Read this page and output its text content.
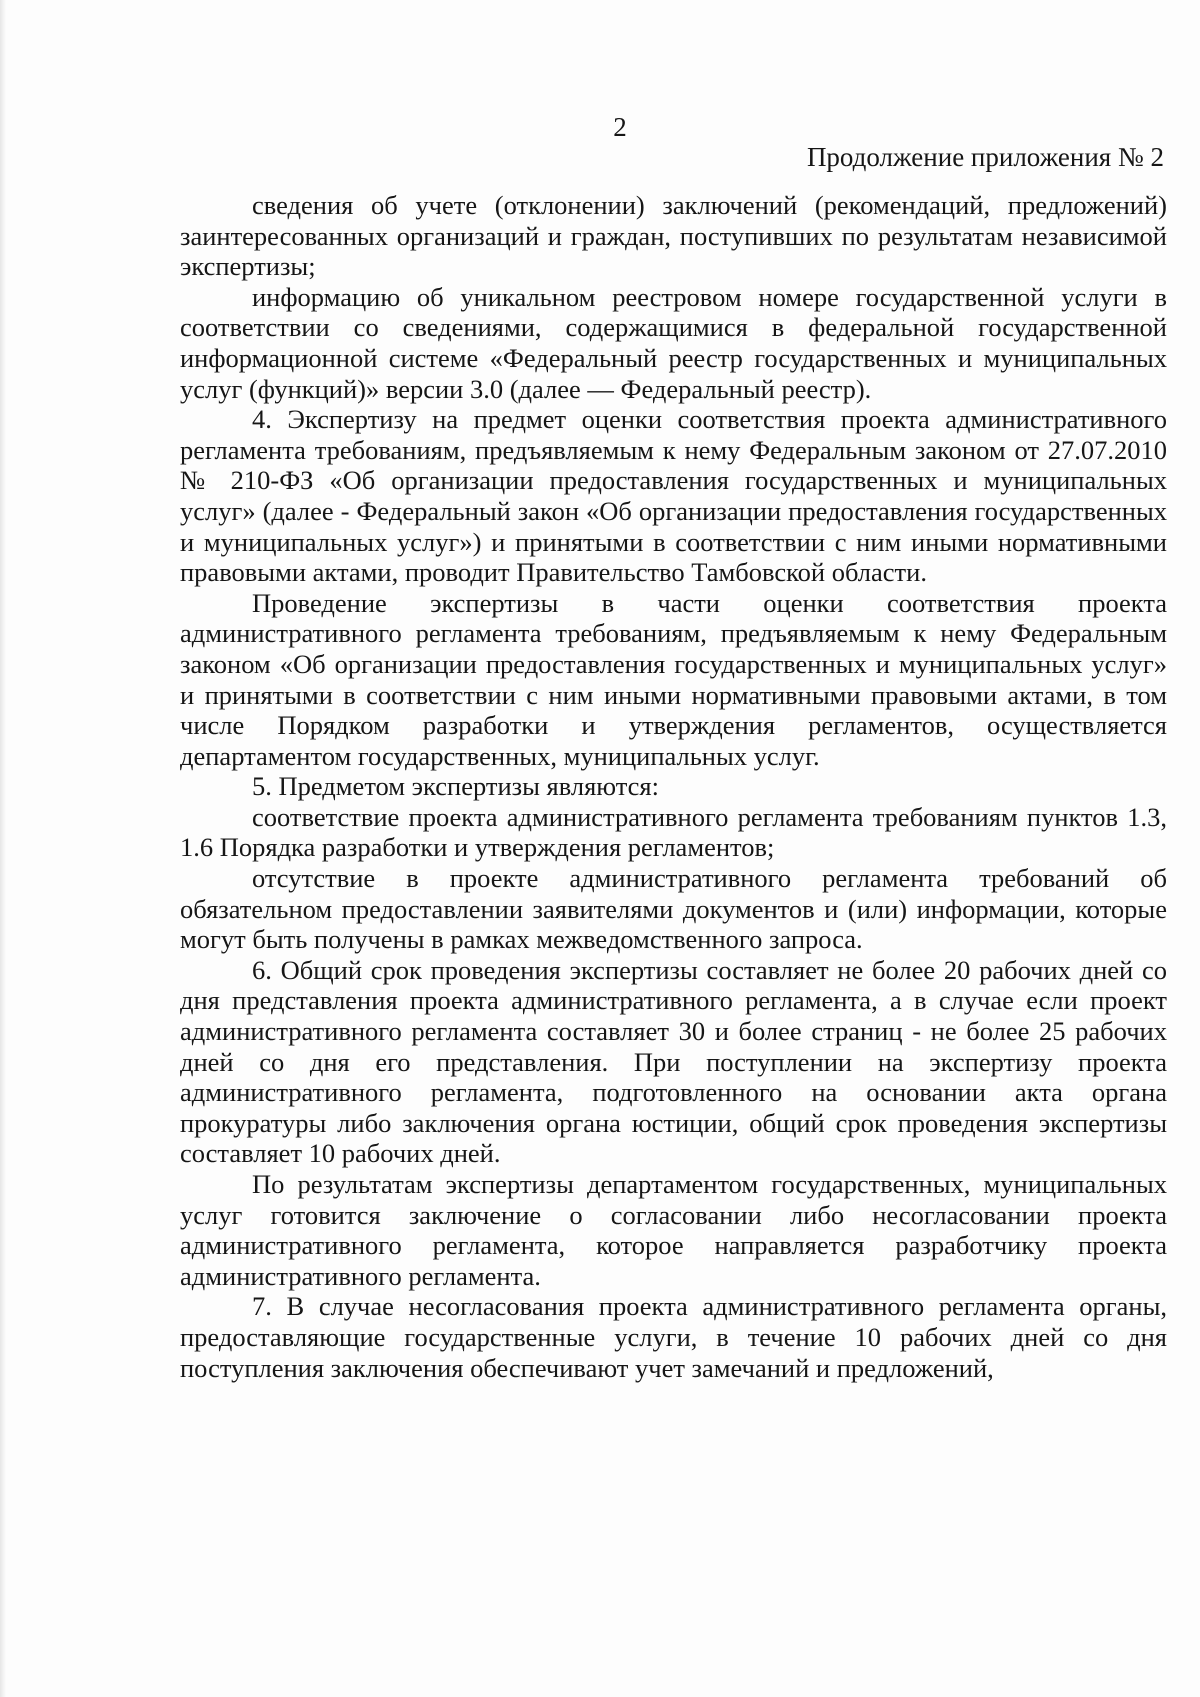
2
Продолжение приложения № 2

сведения об учете (отклонении) заключений (рекомендаций, предложений) заинтересованных организаций и граждан, поступивших по результатам независимой экспертизы;

информацию об уникальном реестровом номере государственной услуги в соответствии со сведениями, содержащимися в федеральной государственной информационной системе «Федеральный реестр государственных и муниципальных услуг (функций)» версии 3.0 (далее — Федеральный реестр).

4. Экспертизу на предмет оценки соответствия проекта административного регламента требованиям, предъявляемым к нему Федеральным законом от 27.07.2010 № 210-ФЗ «Об организации предоставления государственных и муниципальных услуг» (далее - Федеральный закон «Об организации предоставления государственных и муниципальных услуг») и принятыми в соответствии с ним иными нормативными правовыми актами, проводит Правительство Тамбовской области.

Проведение экспертизы в части оценки соответствия проекта административного регламента требованиям, предъявляемым к нему Федеральным законом «Об организации предоставления государственных и муниципальных услуг» и принятыми в соответствии с ним иными нормативными правовыми актами, в том числе Порядком разработки и утверждения регламентов, осуществляется департаментом государственных, муниципальных услуг.

5. Предметом экспертизы являются:

соответствие проекта административного регламента требованиям пунктов 1.3, 1.6 Порядка разработки и утверждения регламентов;

отсутствие в проекте административного регламента требований об обязательном предоставлении заявителями документов и (или) информации, которые могут быть получены в рамках межведомственного запроса.

6. Общий срок проведения экспертизы составляет не более 20 рабочих дней со дня представления проекта административного регламента, а в случае если проект административного регламента составляет 30 и более страниц - не более 25 рабочих дней со дня его представления. При поступлении на экспертизу проекта административного регламента, подготовленного на основании акта органа прокуратуры либо заключения органа юстиции, общий срок проведения экспертизы составляет 10 рабочих дней.

По результатам экспертизы департаментом государственных, муниципальных услуг готовится заключение о согласовании либо несогласовании проекта административного регламента, которое направляется разработчику проекта административного регламента.

7. В случае несогласования проекта административного регламента органы, предоставляющие государственные услуги, в течение 10 рабочих дней со дня поступления заключения обеспечивают учет замечаний и предложений,
